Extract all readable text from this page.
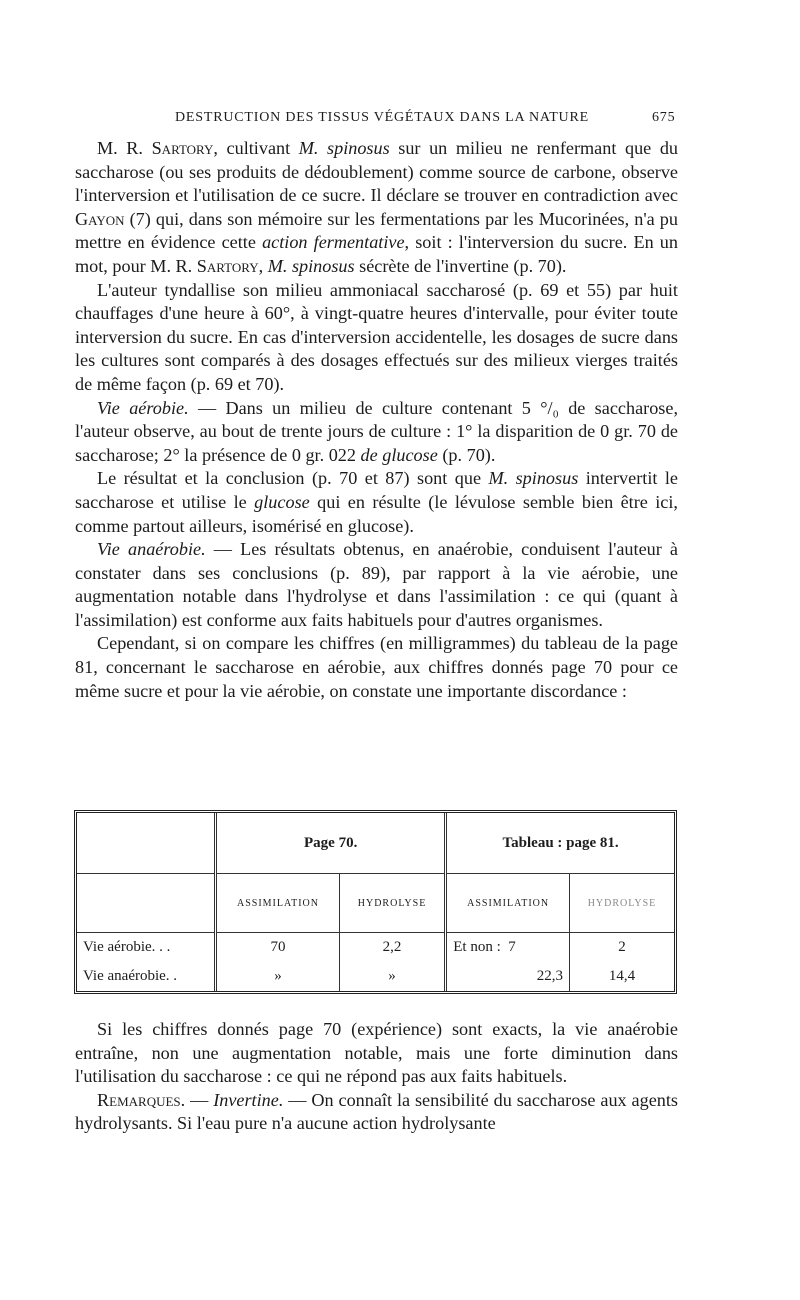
DESTRUCTION DES TISSUS VÉGÉTAUX DANS LA NATURE	675

M. R. Sartory, cultivant M. spinosus sur un milieu ne renfermant que du saccharose (ou ses produits de dédoublement) comme source de carbone, observe l'interversion et l'utilisation de ce sucre. Il déclare se trouver en contradiction avec Gayon (7) qui, dans son mémoire sur les fermentations par les Mucorinées, n'a pu mettre en évidence cette action fermentative, soit : l'interversion du sucre. En un mot, pour M. R. Sartory, M. spinosus sécrète de l'invertine (p. 70).

L'auteur tyndallise son milieu ammoniacal saccharosé (p. 69 et 55) par huit chauffages d'une heure à 60°, à vingt-quatre heures d'intervalle, pour éviter toute interversion du sucre. En cas d'interversion accidentelle, les dosages de sucre dans les cultures sont comparés à des dosages effectués sur des milieux vierges traités de même façon (p. 69 et 70).

Vie aérobie. — Dans un milieu de culture contenant 5 °/₀ de saccharose, l'auteur observe, au bout de trente jours de culture : 1° la disparition de 0 gr. 70 de saccharose; 2° la présence de 0 gr. 022 de glucose (p. 70).

Le résultat et la conclusion (p. 70 et 87) sont que M. spinosus intervertit le saccharose et utilise le glucose qui en résulte (le lévulose semble bien être ici, comme partout ailleurs, isomérisé en glucose).

Vie anaérobie. — Les résultats obtenus, en anaérobie, conduisent l'auteur à constater dans ses conclusions (p. 89), par rapport à la vie aérobie, une augmentation notable dans l'hydrolyse et dans l'assimilation : ce qui (quant à l'assimilation) est conforme aux faits habituels pour d'autres organismes.

Cependant, si on compare les chiffres (en milligrammes) du tableau de la page 81, concernant le saccharose en aérobie, aux chiffres donnés page 70 pour ce même sucre et pour la vie aérobie, on constate une importante discordance :

	Page 70.		Tableau : page 81.	
	ASSIMILATION	HYDROLYSE	ASSIMILATION	HYDROLYSE
Vie aérobie. . .	70	2,2	Et non : 7	2
Vie anaérobie. .	»	»	22,3	14,4

Si les chiffres donnés page 70 (expérience) sont exacts, la vie anaérobie entraîne, non une augmentation notable, mais une forte diminution dans l'utilisation du saccharose : ce qui ne répond pas aux faits habituels.

Remarques. — Invertine. — On connaît la sensibilité du saccharose aux agents hydrolysants. Si l'eau pure n'a aucune action hydrolysante
